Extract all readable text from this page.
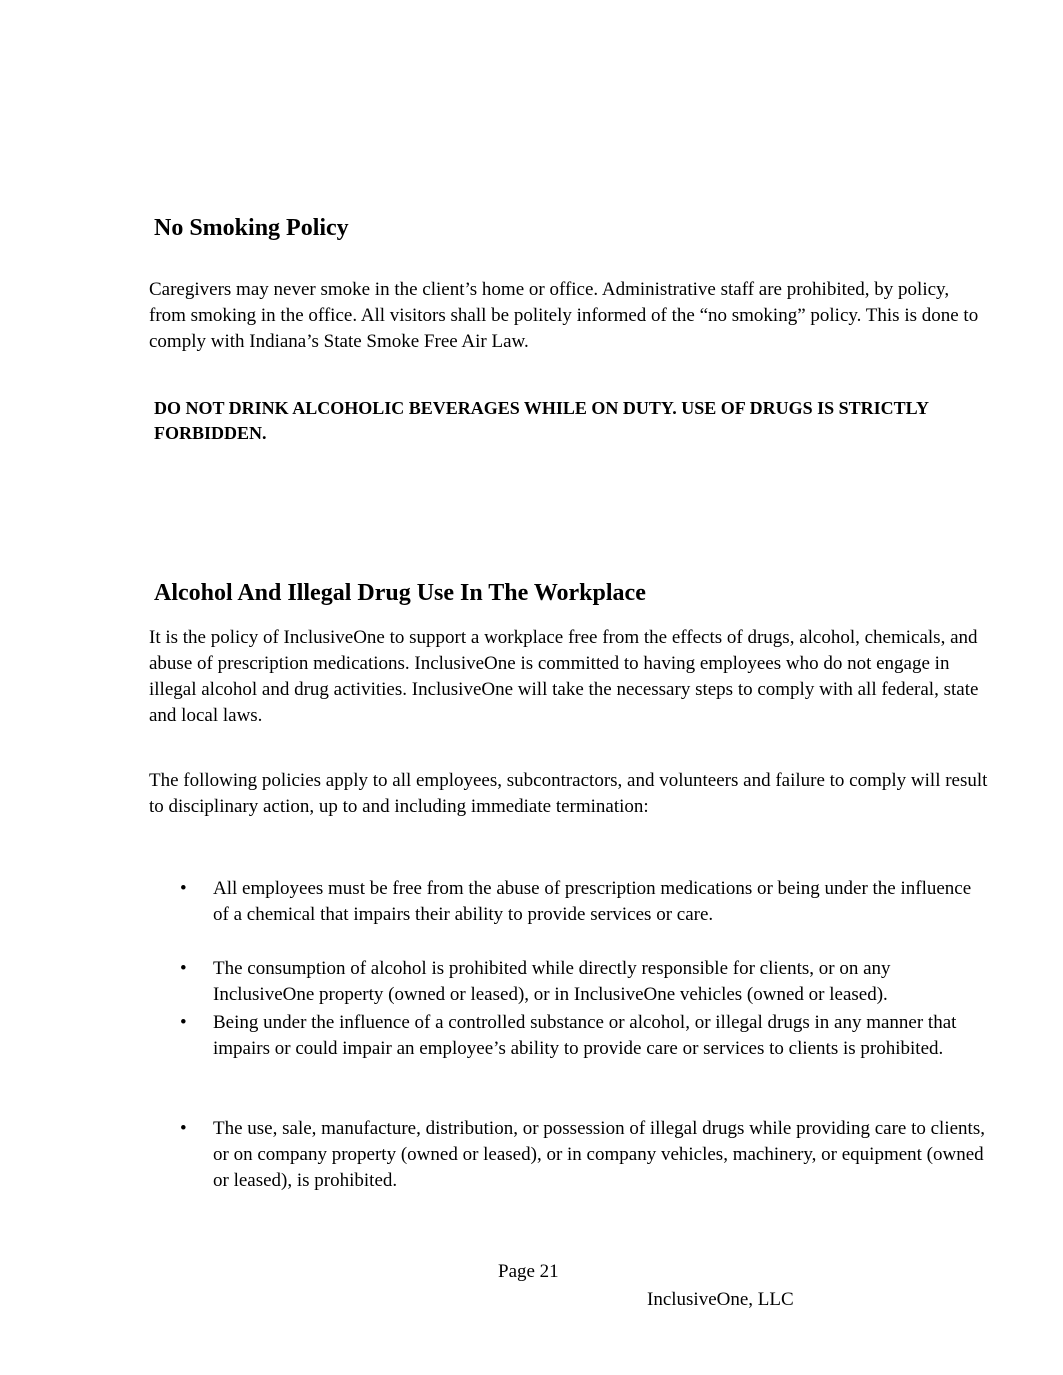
No Smoking Policy

Caregivers may never smoke in the client’s home or office. Administrative staff are prohibited, by policy, from smoking in the office. All visitors shall be politely informed of the “no smoking” policy. This is done to comply with Indiana’s State Smoke Free Air Law.

DO NOT DRINK ALCOHOLIC BEVERAGES WHILE ON DUTY. USE OF DRUGS IS STRICTLY FORBIDDEN.

Alcohol And Illegal Drug Use In The Workplace

It is the policy of InclusiveOne to support a workplace free from the effects of drugs, alcohol, chemicals, and abuse of prescription medications. InclusiveOne is committed to having employees who do not engage in illegal alcohol and drug activities. InclusiveOne will take the necessary steps to comply with all federal, state and local laws.

The following policies apply to all employees, subcontractors, and volunteers and failure to comply will result to disciplinary action, up to and including immediate termination:

•	All employees must be free from the abuse of prescription medications or being under the influence of a chemical that impairs their ability to provide services or care.
•	The consumption of alcohol is prohibited while directly responsible for clients, or on any InclusiveOne property (owned or leased), or in InclusiveOne vehicles (owned or leased).
•	Being under the influence of a controlled substance or alcohol, or illegal drugs in any manner that impairs or could impair an employee’s ability to provide care or services to clients is prohibited.
•	The use, sale, manufacture, distribution, or possession of illegal drugs while providing care to clients, or on company property (owned or leased), or in company vehicles, machinery, or equipment (owned or leased), is prohibited.

Page 21

InclusiveOne, LLC
